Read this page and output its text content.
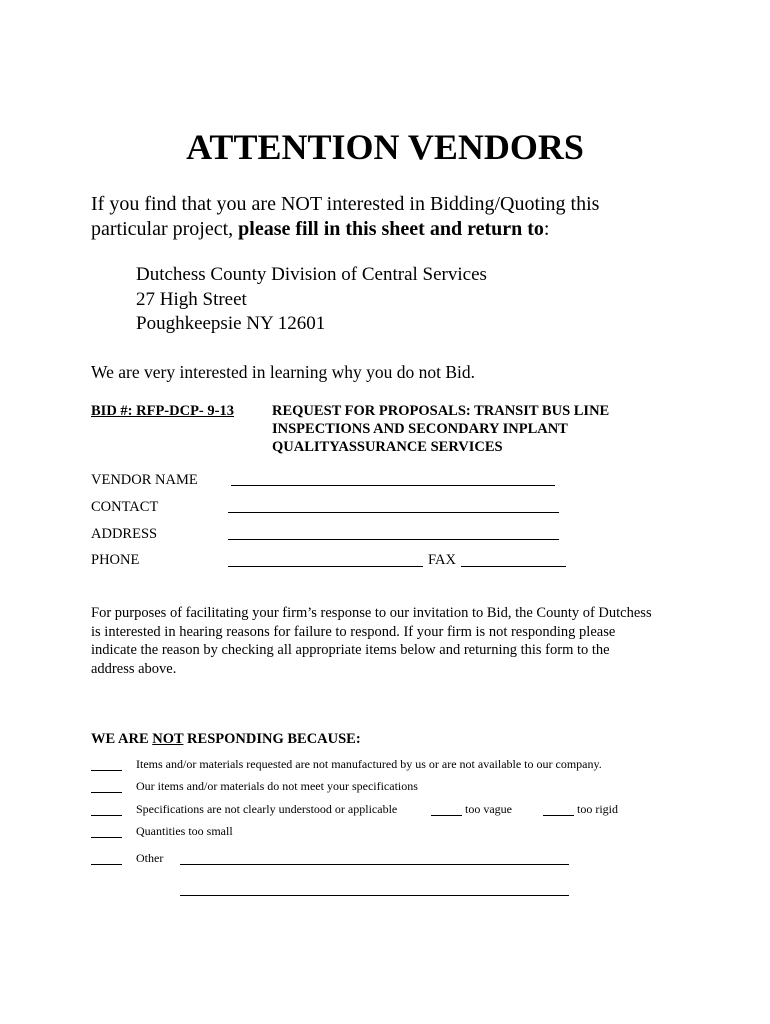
ATTENTION VENDORS
If you find that you are NOT interested in Bidding/Quoting this
particular project, please fill in this sheet and return to:
Dutchess County Division of Central Services
27 High Street
Poughkeepsie NY 12601
We are very interested in learning why you do not Bid.
BID #: RFP-DCP- 9-13	REQUEST FOR PROPOSALS: TRANSIT BUS LINE
INSPECTIONS AND SECONDARY INPLANT
QUALITYASSURANCE SERVICES
VENDOR NAME
CONTACT
ADDRESS
PHONE	FAX
For purposes of facilitating your firm’s response to our invitation to Bid, the County of Dutchess
is interested in hearing reasons for failure to respond. If your firm is not responding please
indicate the reason by checking all appropriate items below and returning this form to the
address above.
WE ARE NOT RESPONDING BECAUSE:
Items and/or materials requested are not manufactured by us or are not available to our company.
Our items and/or materials do not meet your specifications
Specifications are not clearly understood or applicable	too vague	too rigid
Quantities too small
Other
